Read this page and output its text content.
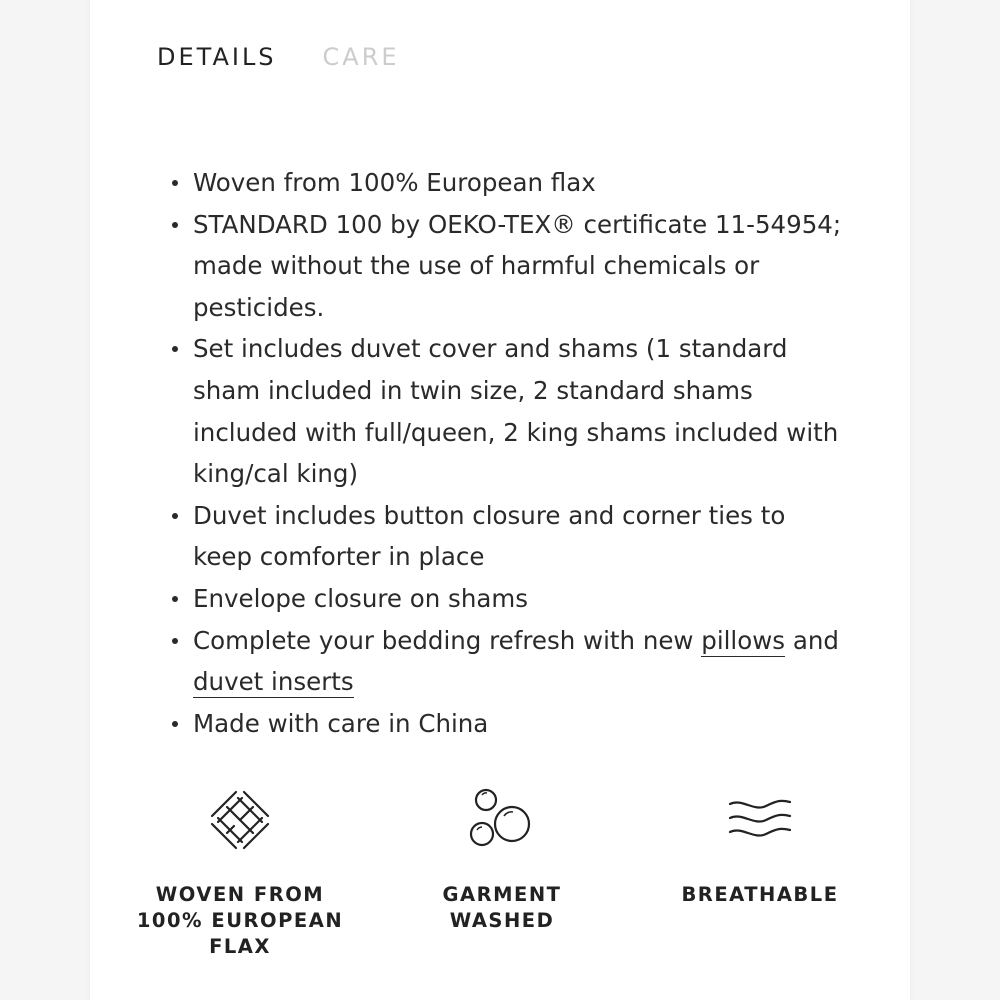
DETAILS CARE
Woven from 100% European flax
STANDARD 100 by OEKO-TEX® certificate 11-54954; made without the use of harmful chemicals or pesticides.
Set includes duvet cover and shams (1 standard sham included in twin size, 2 standard shams included with full/queen, 2 king shams included with king/cal king)
Duvet includes button closure and corner ties to keep comforter in place
Envelope closure on shams
Complete your bedding refresh with new pillows and duvet inserts
Made with care in China
WOVEN FROM 100% EUROPEAN FLAX
GARMENT WASHED
BREATHABLE
